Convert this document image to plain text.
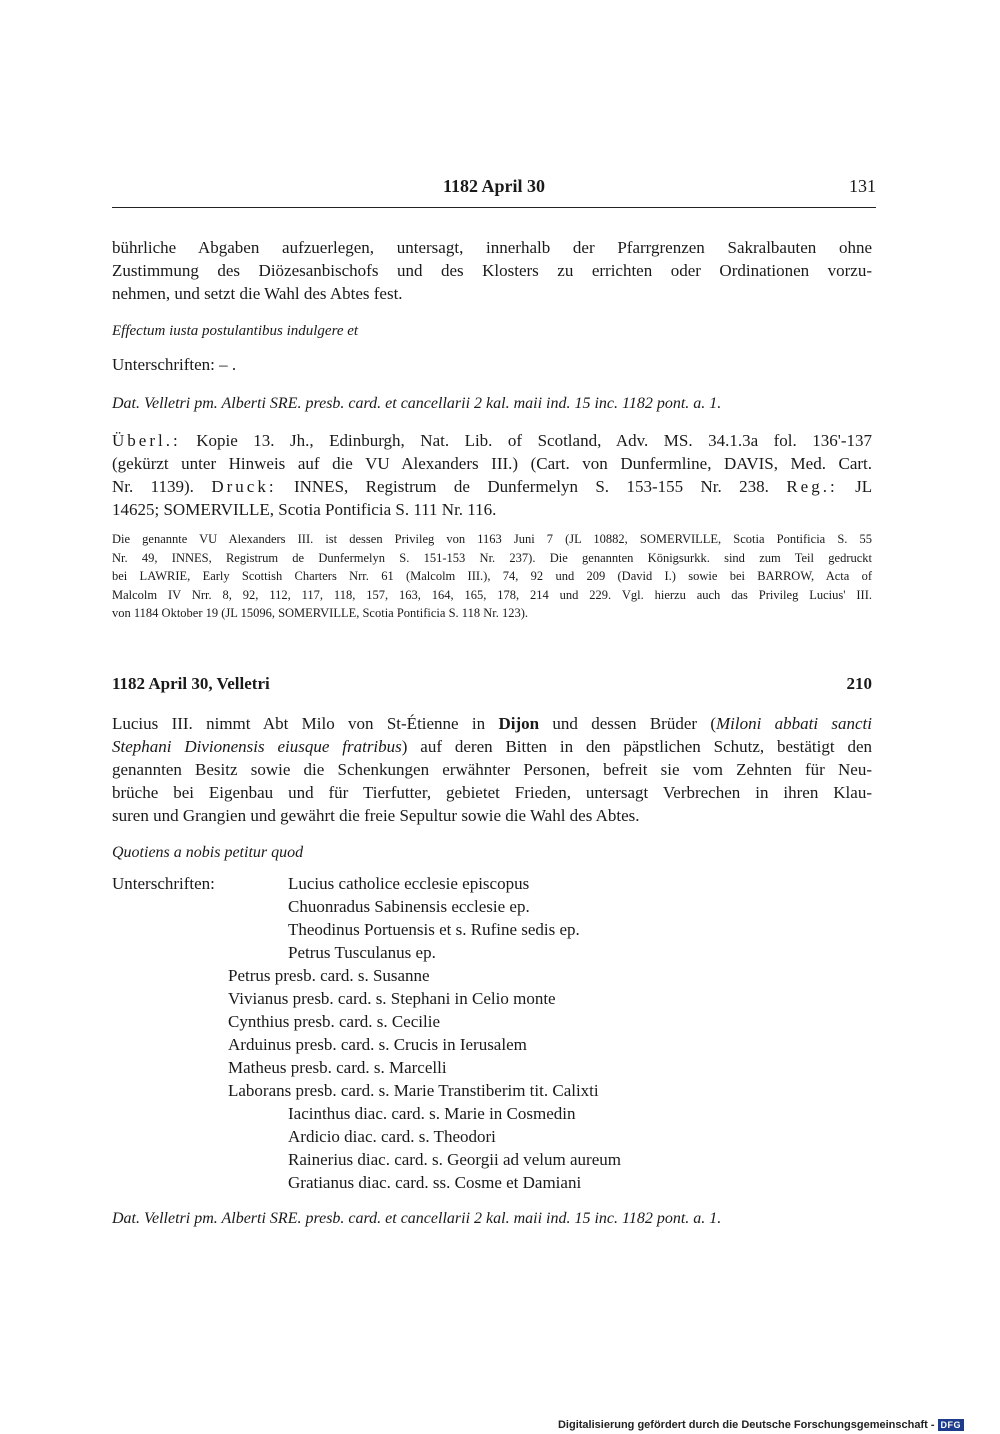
1182 April 30	131
bührliche Abgaben aufzuerlegen, untersagt, innerhalb der Pfarrgrenzen Sakralbauten ohne
Zustimmung des Diözesanbischofs und des Klosters zu errichten oder Ordinationen vorzu-
nehmen, und setzt die Wahl des Abtes fest.
Effectum iusta postulantibus indulgere et
Unterschriften: – .
Dat. Velletri pm. Alberti SRE. presb. card. et cancellarii 2 kal. maii ind. 15 inc. 1182 pont. a. 1.
Überl.: Kopie 13. Jh., Edinburgh, Nat. Lib. of Scotland, Adv. MS. 34.1.3a fol. 136'-137
(gekürzt unter Hinweis auf die VU Alexanders III.) (Cart. von Dunfermline, DAVIS, Med. Cart.
Nr. 1139). Druck: INNES, Registrum de Dunfermelyn S. 153-155 Nr. 238. Reg.: JL
14625; SOMERVILLE, Scotia Pontificia S. 111 Nr. 116.
Die genannte VU Alexanders III. ist dessen Privileg von 1163 Juni 7 (JL 10882, SOMERVILLE, Scotia Pontificia S. 55
Nr. 49, INNES, Registrum de Dunfermelyn S. 151-153 Nr. 237). Die genannten Königsurkk. sind zum Teil gedruckt
bei LAWRIE, Early Scottish Charters Nrr. 61 (Malcolm III.), 74, 92 und 209 (David I.) sowie bei BARROW, Acta of
Malcolm IV Nrr. 8, 92, 112, 117, 118, 157, 163, 164, 165, 178, 214 und 229. Vgl. hierzu auch das Privileg Lucius' III.
von 1184 Oktober 19 (JL 15096, SOMERVILLE, Scotia Pontificia S. 118 Nr. 123).
1182 April 30, Velletri	210
Lucius III. nimmt Abt Milo von St-Étienne in Dijon und dessen Brüder (Miloni abbati sancti
Stephani Divionensis eiusque fratribus) auf deren Bitten in den päpstlichen Schutz, bestätigt den
genannten Besitz sowie die Schenkungen erwähnter Personen, befreit sie vom Zehnten für Neu-
brüche bei Eigenbau und für Tierfutter, gebietet Frieden, untersagt Verbrechen in ihren Klau-
suren und Grangien und gewährt die freie Sepultur sowie die Wahl des Abtes.
Quotiens a nobis petitur quod
Unterschriften:	Lucius catholice ecclesie episcopus
Chuonradus Sabinensis ecclesie ep.
Theodinus Portuensis et s. Rufine sedis ep.
Petrus Tusculanus ep.
Petrus presb. card. s. Susanne
Vivianus presb. card. s. Stephani in Celio monte
Cynthius presb. card. s. Cecilie
Arduinus presb. card. s. Crucis in Ierusalem
Matheus presb. card. s. Marcelli
Laborans presb. card. s. Marie Transtiberim tit. Calixti
Iacinthus diac. card. s. Marie in Cosmedin
Ardicio diac. card. s. Theodori
Rainerius diac. card. s. Georgii ad velum aureum
Gratianus diac. card. ss. Cosme et Damiani
Dat. Velletri pm. Alberti SRE. presb. card. et cancellarii 2 kal. maii ind. 15 inc. 1182 pont. a. 1.
Digitalisierung gefördert durch die Deutsche Forschungsgemeinschaft - DFG
